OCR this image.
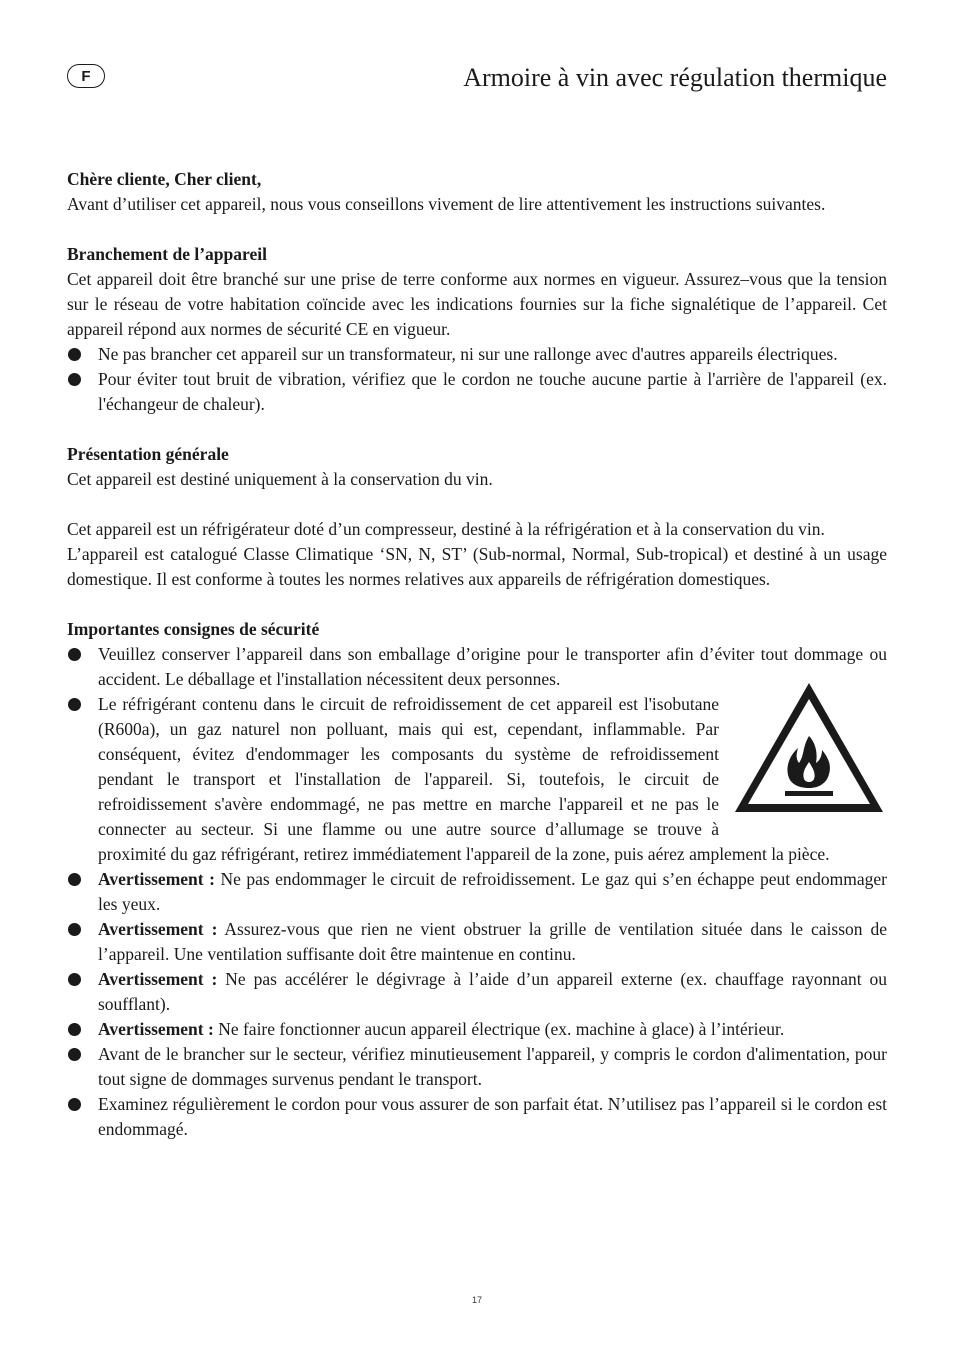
F	Armoire à vin avec régulation thermique

Chère cliente, Cher client,

Avant d’utiliser cet appareil, nous vous conseillons vivement de lire attentivement les instructions suivantes.

Branchement de l’appareil

Cet appareil doit être branché sur une prise de terre conforme aux normes en vigueur. Assurez–vous que la tension sur le réseau de votre habitation coïncide avec les indications fournies sur la fiche signalétique de l’appareil. Cet appareil répond aux normes de sécurité CE en vigueur.

Ne pas brancher cet appareil sur un transformateur, ni sur une rallonge avec d'autres appareils électriques.
Pour éviter tout bruit de vibration, vérifiez que le cordon ne touche aucune partie à l'arrière de l'appareil (ex. l'échangeur de chaleur).

Présentation générale

Cet appareil est destiné uniquement à la conservation du vin.

Cet appareil est un réfrigérateur doté d’un compresseur, destiné à la réfrigération et à la conservation du vin.

L’appareil est catalogué Classe Climatique ‘SN, N, ST’ (Sub-normal, Normal, Sub-tropical) et destiné à un usage domestique. Il est conforme à toutes les normes relatives aux appareils de réfrigération domestiques.

Importantes consignes de sécurité

Veuillez conserver l’appareil dans son emballage d’origine pour le transporter afin d’éviter tout dommage ou accident. Le déballage et l'installation nécessitent deux personnes.
Le réfrigérant contenu dans le circuit de refroidissement de cet appareil est l'isobutane (R600a), un gaz naturel non polluant, mais qui est, cependant, inflammable. Par conséquent, évitez d'endommager les composants du système de refroidissement pendant le transport et l'installation de l'appareil. Si, toutefois, le circuit de refroidissement s'avère endommagé, ne pas mettre en marche l'appareil et ne pas le connecter au secteur. Si une flamme ou une autre source d’allumage se trouve à proximité du gaz réfrigérant, retirez immédiatement l'appareil de la zone, puis aérez amplement la pièce.
Avertissement : Ne pas endommager le circuit de refroidissement. Le gaz qui s’en échappe peut endommager les yeux.
Avertissement : Assurez-vous que rien ne vient obstruer la grille de ventilation située dans le caisson de l’appareil. Une ventilation suffisante doit être maintenue en continu.
Avertissement : Ne pas accélérer le dégivrage à l’aide d’un appareil externe (ex. chauffage rayonnant ou soufflant).
Avertissement : Ne faire fonctionner aucun appareil électrique (ex. machine à glace) à l’intérieur.
Avant de le brancher sur le secteur, vérifiez minutieusement l'appareil, y compris le cordon d'alimentation, pour tout signe de dommages survenus pendant le transport.
Examinez régulièrement le cordon pour vous assurer de son parfait état. N’utilisez pas l’appareil si le cordon est endommagé.
17
